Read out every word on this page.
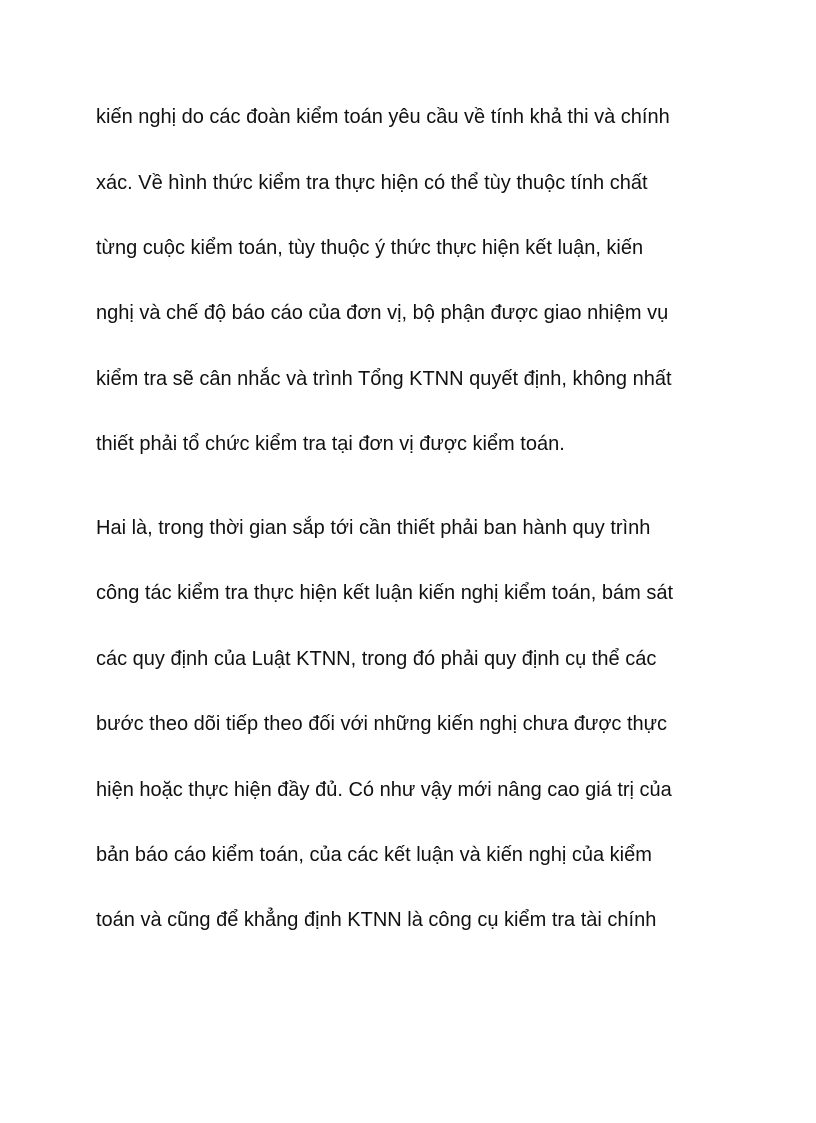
kiến nghị do các đoàn kiểm toán yêu cầu về tính khả thi và chính
xác. Về hình thức kiểm tra thực hiện có thể tùy thuộc tính chất
từng cuộc kiểm toán, tùy thuộc ý thức thực hiện kết luận, kiến
nghị và chế độ báo cáo của đơn vị, bộ phận được giao nhiệm vụ
kiểm tra sẽ cân nhắc và trình Tổng KTNN quyết định, không nhất
thiết phải tổ chức kiểm tra tại đơn vị được kiểm toán.
Hai là, trong thời gian sắp tới cần thiết phải ban hành quy trình
công tác kiểm tra thực hiện kết luận kiến nghị kiểm toán, bám sát
các quy định của Luật KTNN, trong đó phải quy định cụ thể các
bước theo dõi tiếp theo đối với những kiến nghị chưa được thực
hiện hoặc thực hiện đầy đủ. Có như vậy mới nâng cao giá trị của
bản báo cáo kiểm toán, của các kết luận và kiến nghị của kiểm
toán và cũng để khẳng định KTNN là công cụ kiểm tra tài chính
